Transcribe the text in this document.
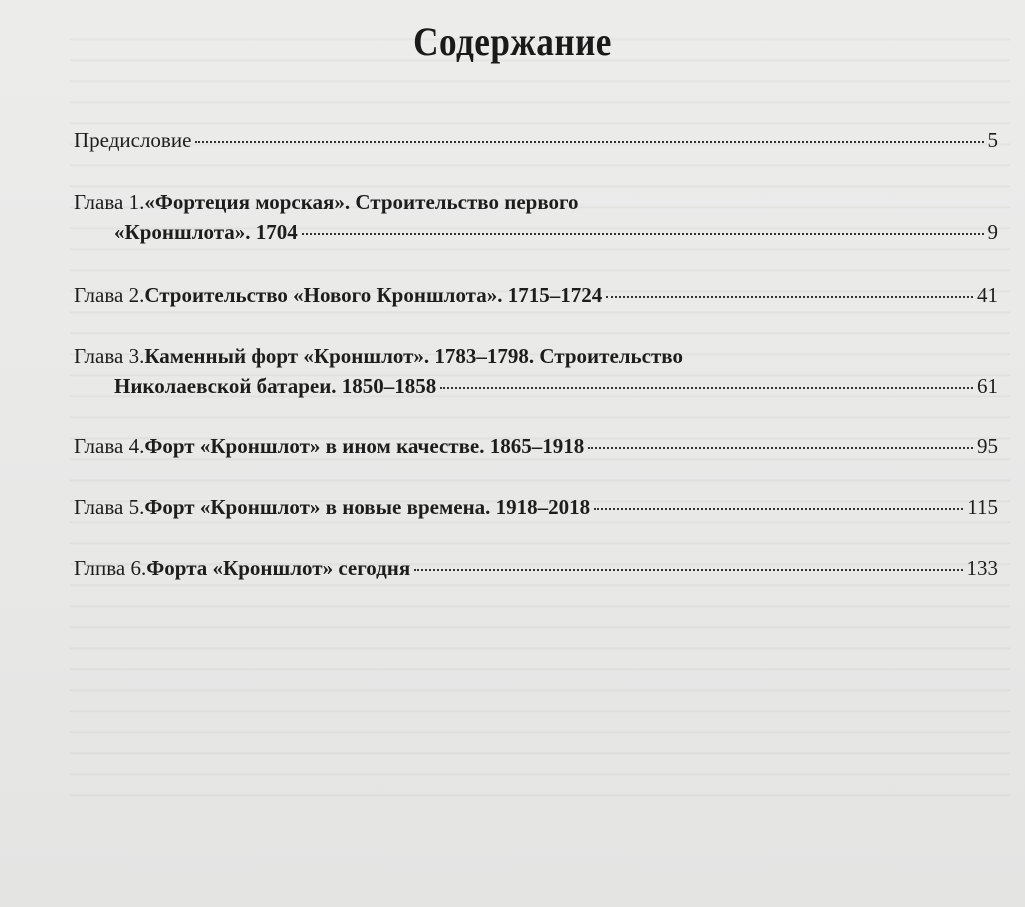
Содержание
Предисловие	5
Глава 1. «Фортеция морская». Строительство первого
«Кроншлота». 1704	9
Глава 2. Строительство «Нового Кроншлота». 1715–1724	41
Глава 3. Каменный форт «Кроншлот». 1783–1798. Строительство
Николаевской батареи. 1850–1858	61
Глава 4. Форт «Кроншлот» в ином качестве. 1865–1918	95
Глава 5. Форт «Кроншлот» в новые времена. 1918–2018	115
Глпва 6. Форта «Кроншлот» сегодня	133
